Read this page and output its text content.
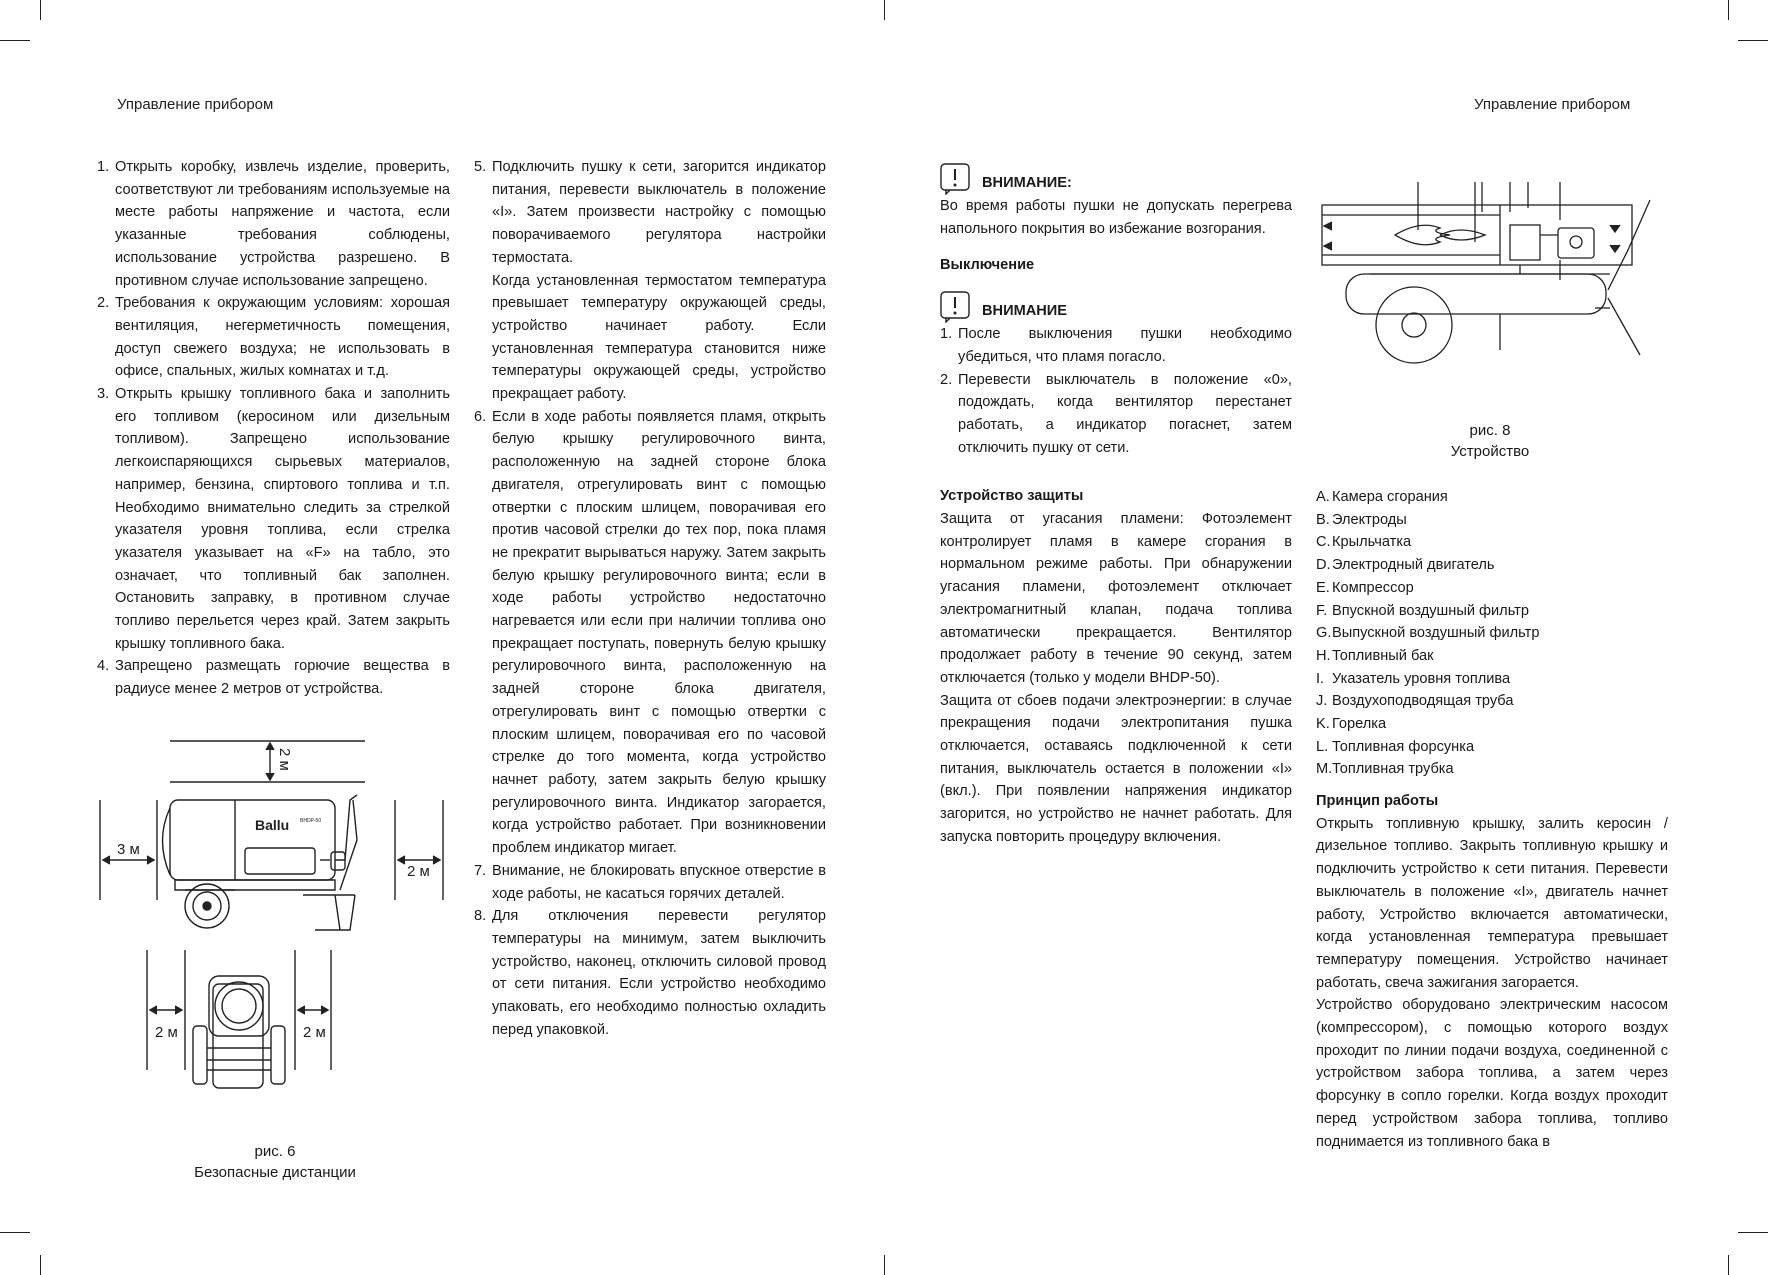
Управление прибором
1. Открыть коробку, извлечь изделие, проверить, соответствуют ли требованиям используемые на месте работы напряжение и частота, если указанные требования соблюдены, использование устройства разрешено. В противном случае использование запрещено.
2. Требования к окружающим условиям: хорошая вентиляция, негерметичность помещения, доступ свежего воздуха; не использовать в офисе, спальных, жилых комнатах и т.д.
3. Открыть крышку топливного бака и заполнить его топливом (керосином или дизельным топливом). Запрещено использование легкоиспаряющихся сырьевых материалов, например, бензина, спиртового топлива и т.п. Необходимо внимательно следить за стрелкой указателя уровня топлива, если стрелка указателя указывает на «F» на табло, это означает, что топливный бак заполнен. Остановить заправку, в противном случае топливо перельется через край. Затем закрыть крышку топливного бака.
4. Запрещено размещать горючие вещества в радиусе менее 2 метров от устройства.
2 м
3 м
2 м
Ballu BHDP-50
2 м	2 м
рис. 6
Безопасные дистанции
5. Подключить пушку к сети, загорится индикатор питания, перевести выключатель в положение «I». Затем произвести настройку с помощью поворачиваемого регулятора настройки термостата.

Когда установленная термостатом температура превышает температуру окружающей среды, устройство начинает работу. Если установленная температура становится ниже температуры окружающей среды, устройство прекращает работу.

6. Если в ходе работы появляется пламя, открыть белую крышку регулировочного винта, расположенную на задней стороне блока двигателя, отрегулировать винт с помощью отвертки с плоским шлицем, поворачивая его против часовой стрелки до тех пор, пока пламя не прекратит вырываться наружу. Затем закрыть белую крышку регулировочного винта; если в ходе работы устройство недостаточно нагревается или если при наличии топлива оно прекращает поступать, повернуть белую крышку регулировочного винта, расположенную на задней стороне блока двигателя, отрегулировать винт с помощью отвертки с плоским шлицем, поворачивая его по часовой стрелке до того момента, когда устройство начнет работу, затем закрыть белую крышку регулировочного винта. Индикатор загорается, когда устройство работает. При возникновении проблем индикатор мигает.
7. Внимание, не блокировать впускное отверстие в ходе работы, не касаться горячих деталей.
8. Для отключения перевести регулятор температуры на минимум, затем выключить устройство, наконец, отключить силовой провод от сети питания. Если устройство необходимо упаковать, его необходимо полностью охладить перед упаковкой.
Управление прибором

ВНИМАНИЕ:

Во время работы пушки не допускать перегрева напольного покрытия во избежание возгорания.

Выключение

ВНИМАНИЕ

1. После выключения пушки необходимо убедиться, что пламя погасло.
2. Перевести выключатель в положение «0», подождать, когда вентилятор перестанет работать, а индикатор погаснет, затем отключить пушку от сети.

Устройство защиты

Защита от угасания пламени: Фотоэлемент контролирует пламя в камере сгорания в нормальном режиме работы. При обнаружении угасания пламени, фотоэлемент отключает электромагнитный клапан, подача топлива автоматически прекращается. Вентилятор продолжает работу в течение 90 секунд, затем отключается (только у модели BHDP-50).

Защита от сбоев подачи электроэнергии: в случае прекращения подачи электропитания пушка отключается, оставаясь подключенной к сети питания, выключатель остается в положении «I» (вкл.). При появлении напряжения индикатор загорится, но устройство не начнет работать. Для запуска повторить процедуру включения.

рис. 8
Устройство
A. Камера сгорания
B. Электроды
C. Крыльчатка
D. Электродный двигатель
E. Компрессор
F. Впускной воздушный фильтр
G. Выпускной воздушный фильтр
H. Топливный бак
I. Указатель уровня топлива
J. Воздухоподводящая труба
K. Горелка
L. Топливная форсунка
M. Топливная трубка

Принцип работы

Открыть топливную крышку, залить керосин / дизельное топливо. Закрыть топливную крышку и подключить устройство к сети питания. Перевести выключатель в положение «I», двигатель начнет работу, Устройство включается автоматически, когда установленная температура превышает температуру помещения. Устройство начинает работать, свеча зажигания загорается.

Устройство оборудовано электрическим насосом (компрессором), с помощью которого воздух проходит по линии подачи воздуха, соединенной с устройством забора топлива, а затем через форсунку в сопло горелки. Когда воздух проходит перед устройством забора топлива, топливо поднимается из топливного бака в
